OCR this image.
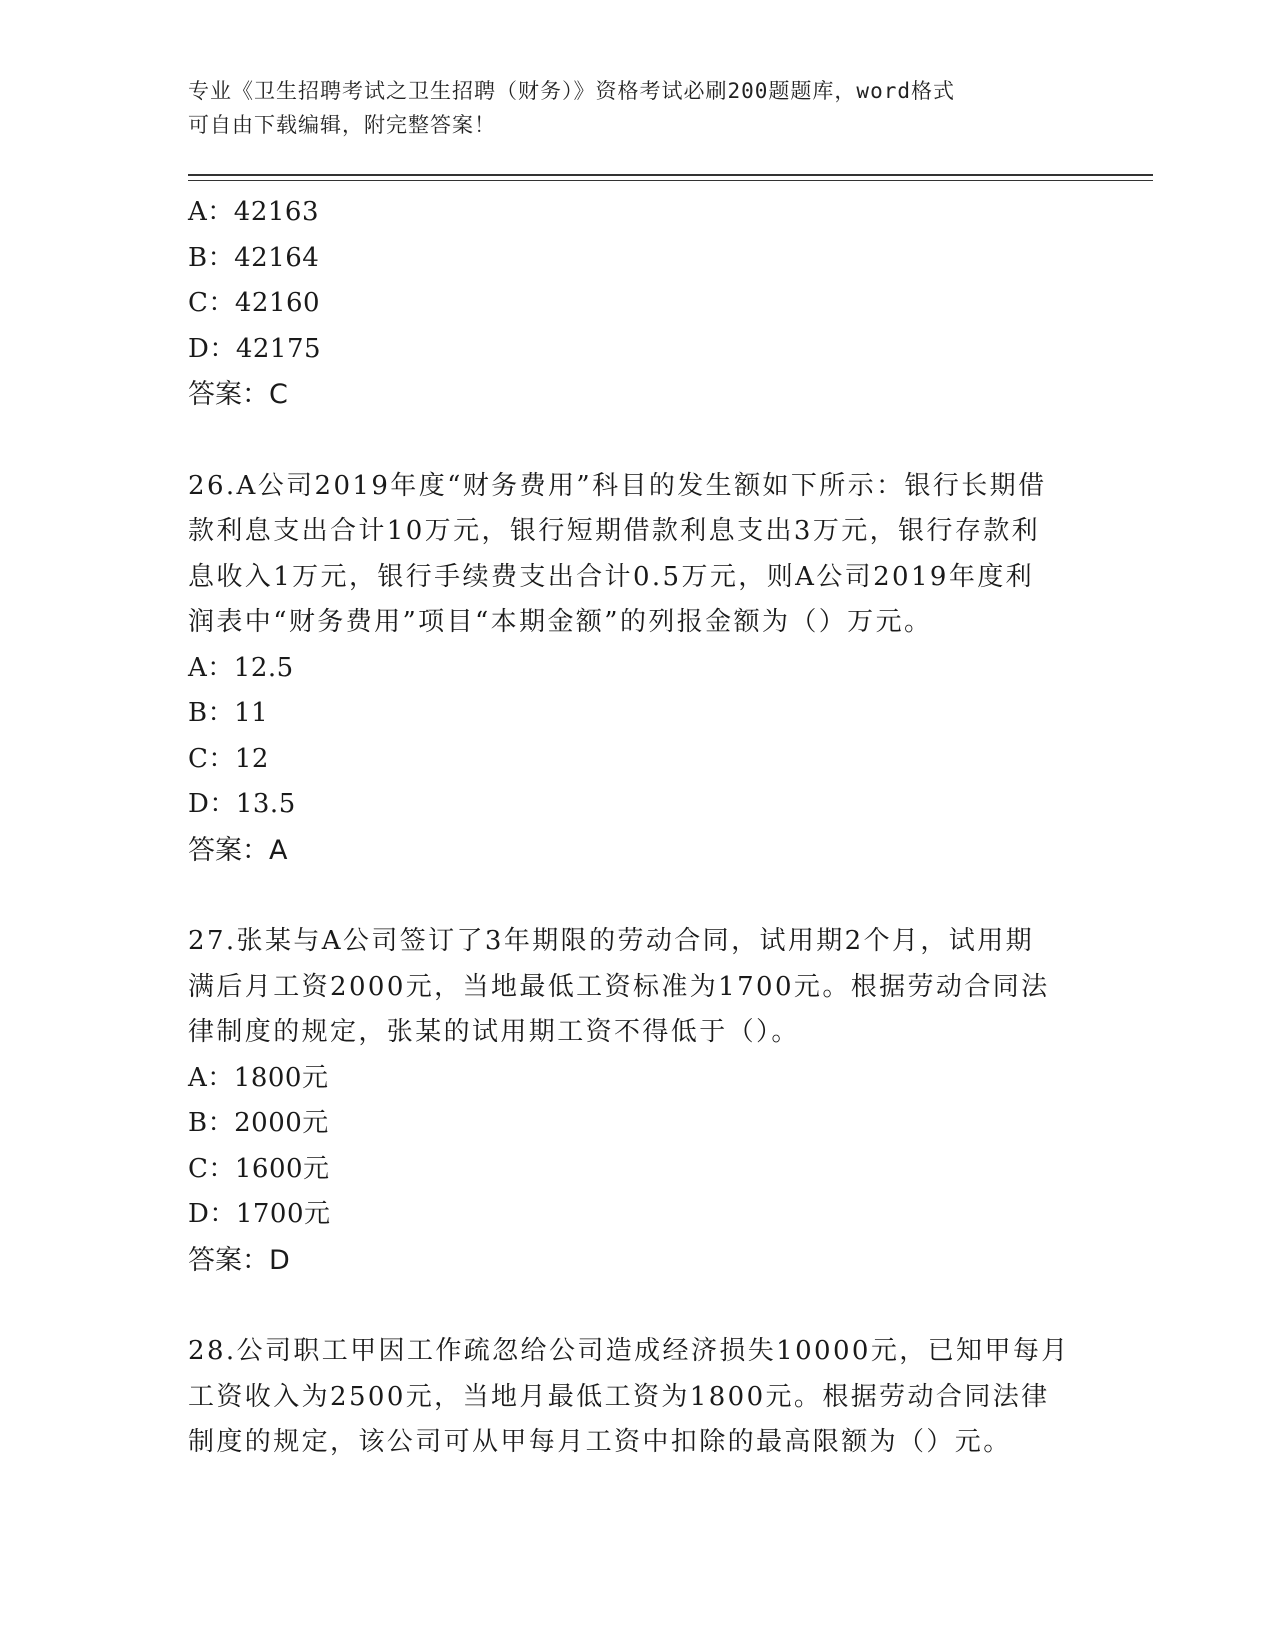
专业《卫生招聘考试之卫生招聘（财务）》资格考试必刷200题题库，word格式
可自由下载编辑，附完整答案！
A：42163
B：42164
C：42160
D：42175
答案：C
26.A公司2019年度“财务费用”科目的发生额如下所示：银行长期借
款利息支出合计10万元，银行短期借款利息支出3万元，银行存款利
息收入1万元，银行手续费支出合计0.5万元，则A公司2019年度利
润表中“财务费用”项目“本期金额”的列报金额为（）万元。
A：12.5
B：11
C：12
D：13.5
答案：A
27.张某与A公司签订了3年期限的劳动合同，试用期2个月，试用期
满后月工资2000元，当地最低工资标准为1700元。根据劳动合同法
律制度的规定，张某的试用期工资不得低于（）。
A：1800元
B：2000元
C：1600元
D：1700元
答案：D
28.公司职工甲因工作疏忽给公司造成经济损失10000元，已知甲每月
工资收入为2500元，当地月最低工资为1800元。根据劳动合同法律
制度的规定，该公司可从甲每月工资中扣除的最高限额为（）元。
